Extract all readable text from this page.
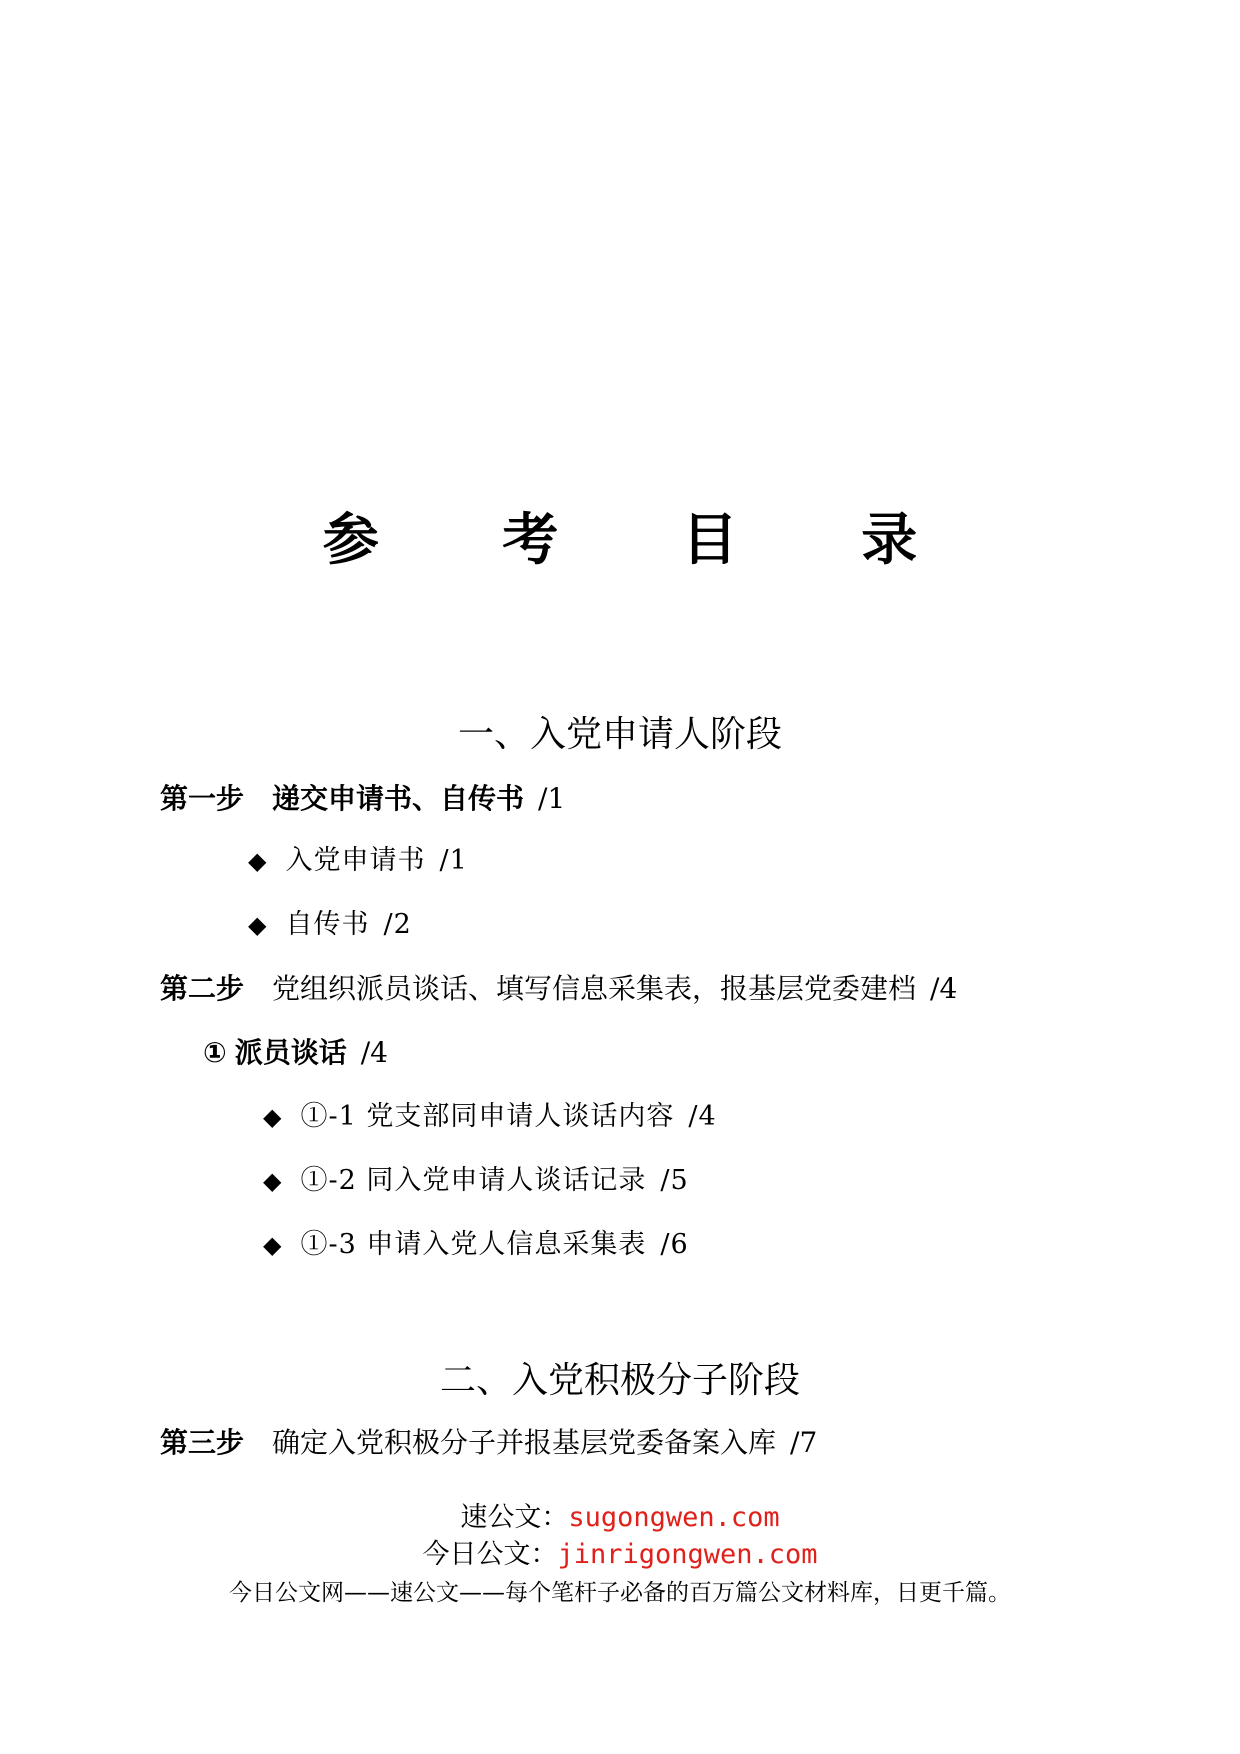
参 考 目 录
一、入党申请人阶段
第一步 递交申请书、自传书 /1
◆ 入党申请书 /1
◆ 自传书 /2
第二步 党组织派员谈话、填写信息采集表，报基层党委建档 /4
① 派员谈话 /4
◆ ①-1 党支部同申请人谈话内容 /4
◆ ①-2 同入党申请人谈话记录 /5
◆ ①-3 申请入党人信息采集表 /6
二、入党积极分子阶段
第三步 确定入党积极分子并报基层党委备案入库 /7
速公文：sugongwen.com
今日公文：jinrigongwen.com
今日公文网——速公文——每个笔杆子必备的百万篇公文材料库，日更千篇。
